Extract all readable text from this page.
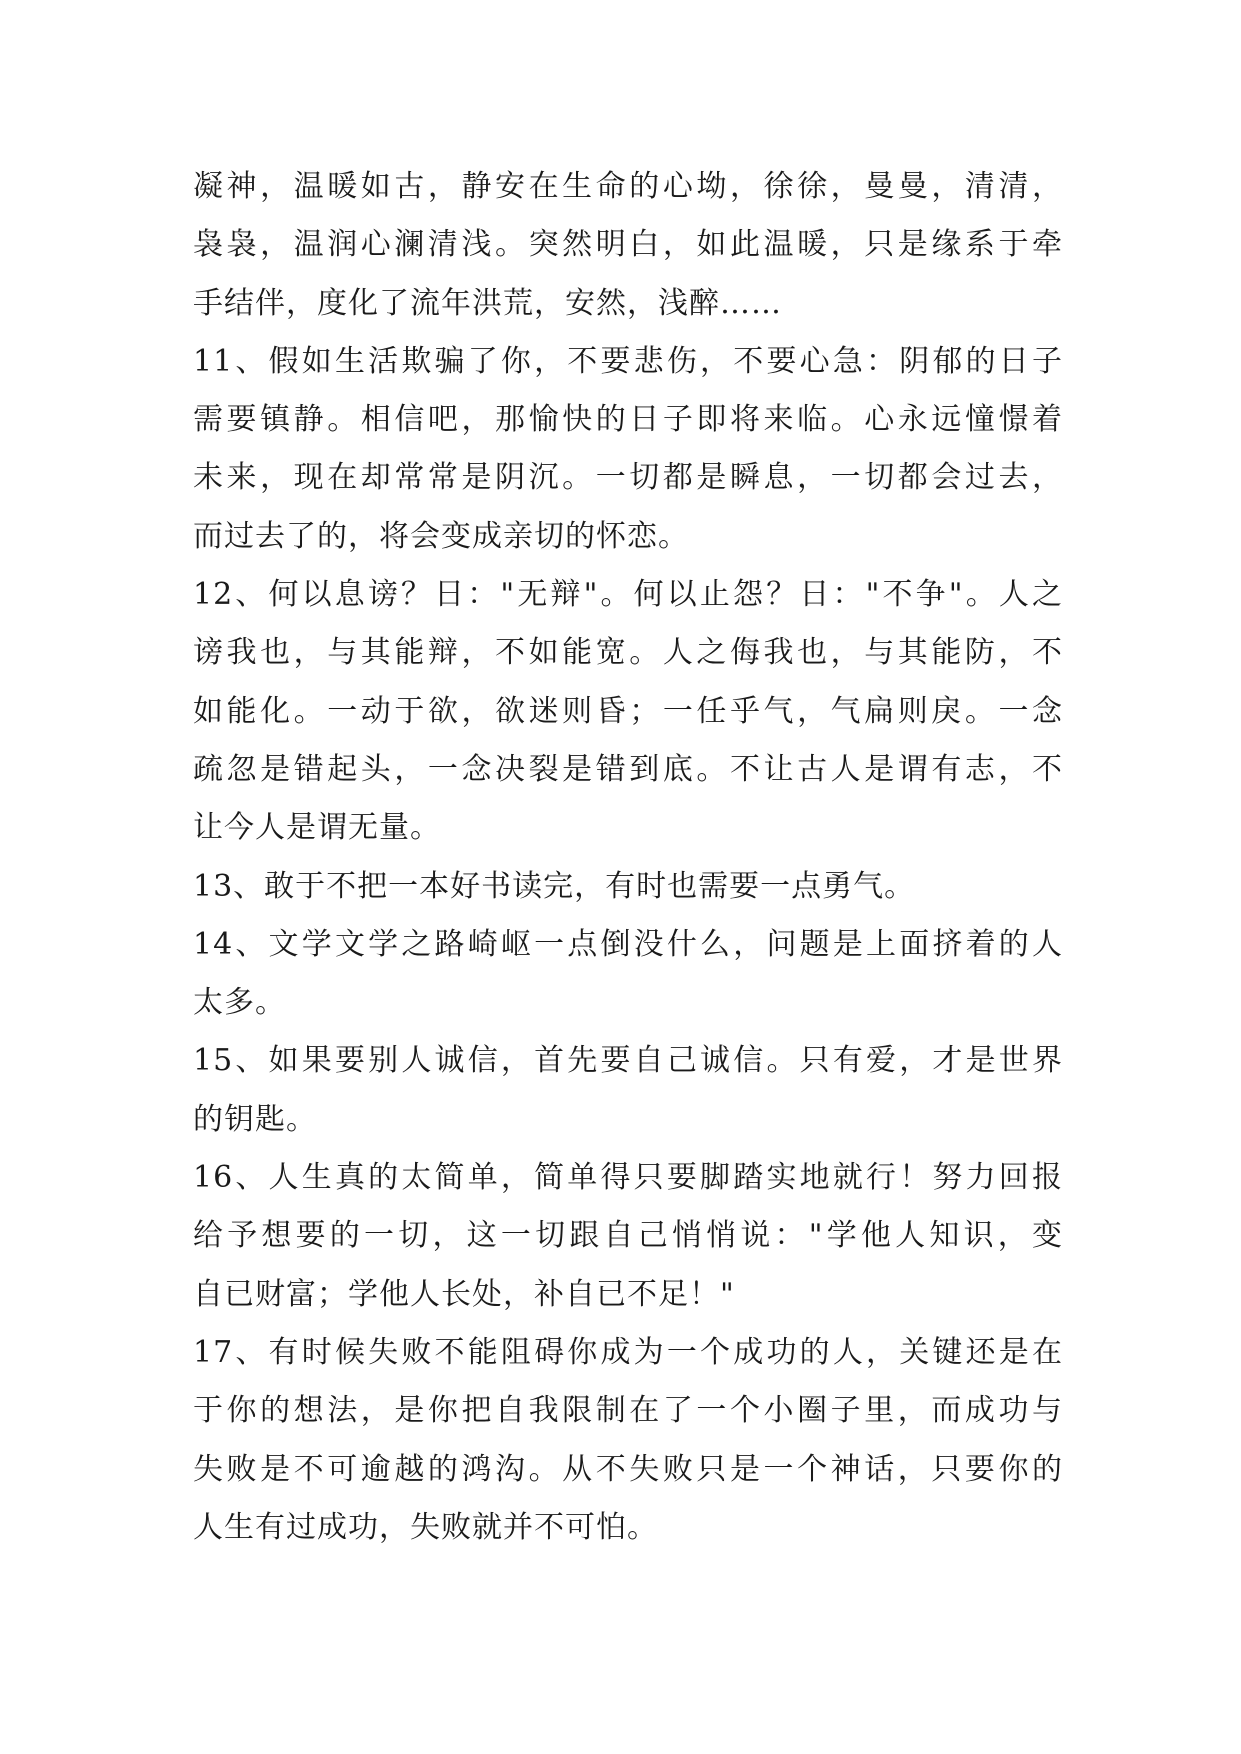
凝神，温暖如古，静安在生命的心坳，徐徐，曼曼，清清，
袅袅，温润心澜清浅。突然明白，如此温暖，只是缘系于牵
手结伴，度化了流年洪荒，安然，浅醉……
11、假如生活欺骗了你，不要悲伤，不要心急：阴郁的日子
需要镇静。相信吧，那愉快的日子即将来临。心永远憧憬着
未来，现在却常常是阴沉。一切都是瞬息，一切都会过去，
而过去了的，将会变成亲切的怀恋。
12、何以息谤？日："无辩"。何以止怨？日："不争"。人之
谤我也，与其能辩，不如能宽。人之侮我也，与其能防，不
如能化。一动于欲，欲迷则昏；一任乎气，气扁则戾。一念
疏忽是错起头，一念决裂是错到底。不让古人是谓有志，不
让今人是谓无量。
13、敢于不把一本好书读完，有时也需要一点勇气。
14、文学文学之路崎岖一点倒没什么，问题是上面挤着的人
太多。
15、如果要别人诚信，首先要自己诚信。只有爱，才是世界
的钥匙。
16、人生真的太简单，简单得只要脚踏实地就行！努力回报
给予想要的一切，这一切跟自己悄悄说："学他人知识，变
自已财富；学他人长处，补自已不足！"
17、有时候失败不能阻碍你成为一个成功的人，关键还是在
于你的想法，是你把自我限制在了一个小圈子里，而成功与
失败是不可逾越的鸿沟。从不失败只是一个神话，只要你的
人生有过成功，失败就并不可怕。
